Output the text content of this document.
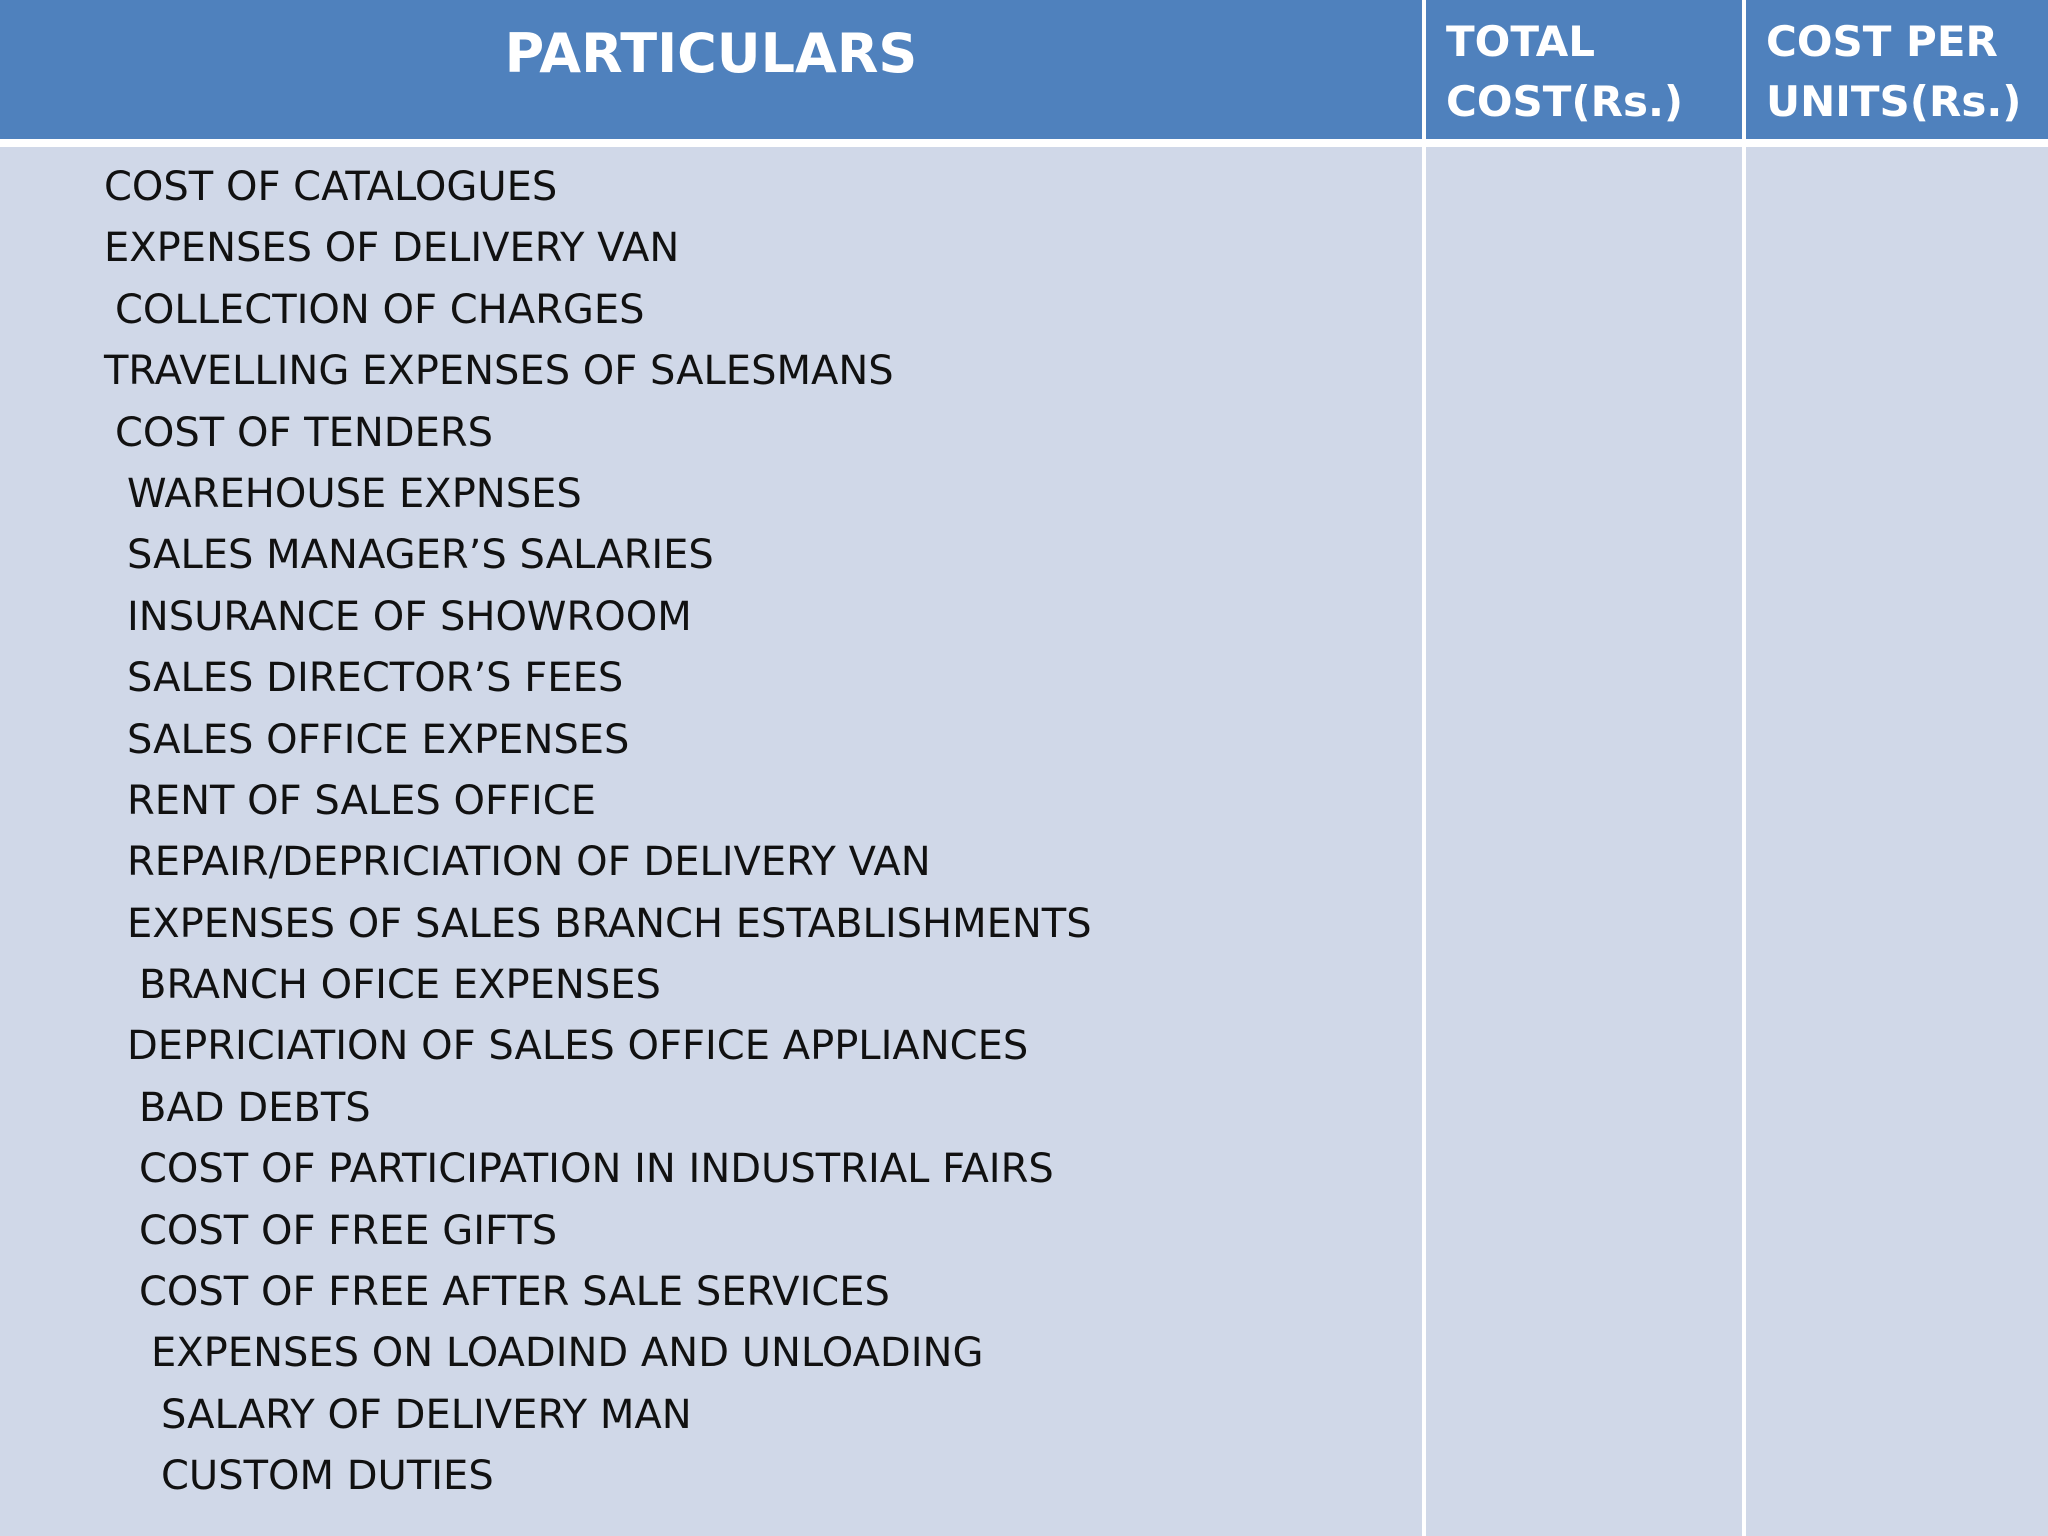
PARTICULARS	TOTAL
COST(Rs.)
COST PER
UNITS(Rs.)
COST OF CATALOGUES
EXPENSES OF DELIVERY VAN
COLLECTION OF CHARGES
TRAVELLING EXPENSES OF SALESMANS
COST OF TENDERS
WAREHOUSE EXPNSES
SALES MANAGER’S SALARIES
INSURANCE OF SHOWROOM
SALES DIRECTOR’S FEES
SALES OFFICE EXPENSES
RENT OF SALES OFFICE
REPAIR/DEPRICIATION OF DELIVERY VAN
EXPENSES OF SALES BRANCH ESTABLISHMENTS
BRANCH OFICE EXPENSES
DEPRICIATION OF SALES OFFICE APPLIANCES
BAD DEBTS
COST OF PARTICIPATION IN INDUSTRIAL FAIRS
COST OF FREE GIFTS
COST OF FREE AFTER SALE SERVICES
EXPENSES ON LOADIND AND UNLOADING
SALARY OF DELIVERY MAN
CUSTOM DUTIES
